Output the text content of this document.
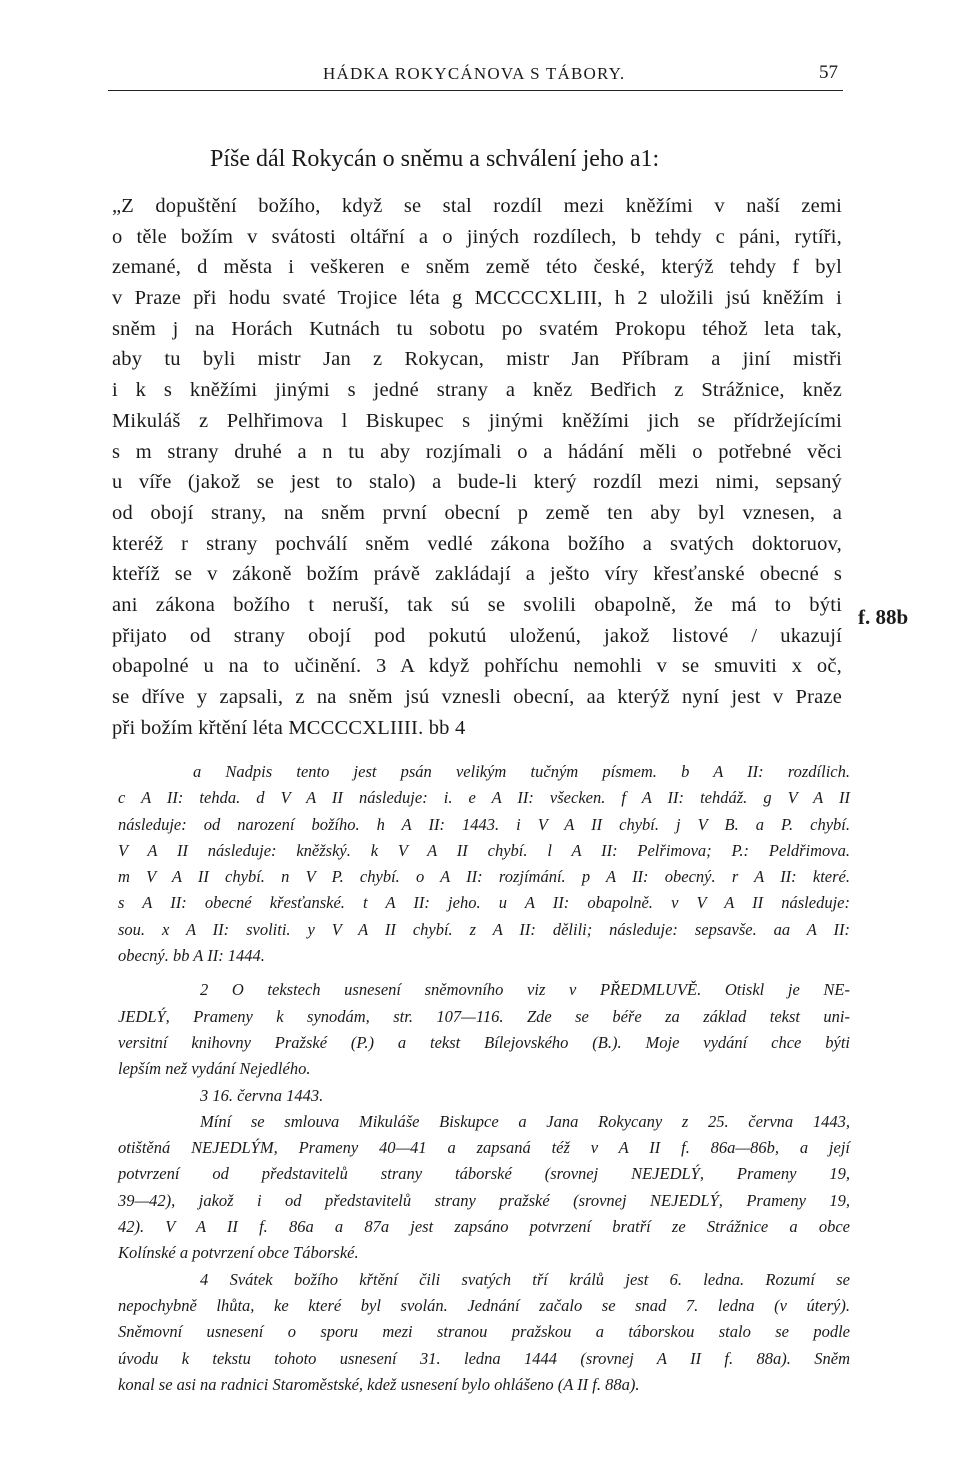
HÁDKA ROKYCÁNOVA S TÁBORY.	57
Píše dál Rokycán o sněmu a schválení jeho a1:
„Z dopuštění božího, když se stal rozdíl mezi kněžími v naší zemi
o těle božím v svátosti oltářní a o jiných rozdílech, b tehdy c páni, rytíři,
zemané, d města i veškeren e sněm země této české, kterýž tehdy f byl
v Praze při hodu svaté Trojice léta g MCCCCXLIII, h 2 uložili jsú kněžím i
sněm j na Horách Kutnách tu sobotu po svatém Prokopu téhož leta tak,
aby tu byli mistr Jan z Rokycan, mistr Jan Příbram a jiní mistři
i k s kněžími jinými s jedné strany a kněz Bedřich z Strážnice, kněz
Mikuláš z Pelhřimova l Biskupec s jinými kněžími jich se přídržejícími
s m strany druhé a n tu aby rozjímali o a hádání měli o potřebné věci
u víře (jakož se jest to stalo) a bude-li který rozdíl mezi nimi, sepsaný
od obojí strany, na sněm první obecní p země ten aby byl vznesen, a
kteréž r strany pochválí sněm vedlé zákona božího a svatých doktoruov,
kteříž se v zákoně božím právě zakládají a ješto víry křesťanské obecné s
ani zákona božího t neruší, tak sú se svolili obapolně, že má to býti
přijato od strany obojí pod pokutú uloženú, jakož listové / ukazují
obapolné u na to učinění. 3 A když pohříchu nemohli v se smuviti x oč,
se dříve y zapsali, z na sněm jsú vznesli obecní, aa kterýž nyní jest v Praze
při božím křtění léta MCCCCXLIIII. bb 4
f. 88b
a Nadpis tento jest psán velikým tučným písmem. b A II: rozdílich.
c A II: tehda. d V A II následuje: i. e A II: všecken. f A II: tehdáž. g V A II
následuje: od narození božího. h A II: 1443. i V A II chybí. j V B. a P. chybí.
V A II následuje: kněžský. k V A II chybí. l A II: Pelřimova; P.: Peldřimova.
m V A II chybí. n V P. chybí. o A II: rozjímání. p A II: obecný. r A II: které.
s A II: obecné křesťanské. t A II: jeho. u A II: obapolně. v V A II následuje:
sou. x A II: svoliti. y V A II chybí. z A II: dělili; následuje: sepsavše. aa A II:
obecný. bb A II: 1444.
2 O tekstech usnesení sněmovního viz v PŘEDMLUVĚ. Otiskl je NE-
JEDLÝ, Prameny k synodám, str. 107—116. Zde se béře za základ tekst uni-
versitní knihovny Pražské (P.) a tekst Bílejovského (B.). Moje vydání chce býti
lepším než vydání Nejedlého.
3 16. června 1443.
Míní se smlouva Mikuláše Biskupce a Jana Rokycany z 25. června 1443,
otištěná NEJEDLÝM, Prameny 40—41 a zapsaná též v A II f. 86a—86b, a její
potvrzení od představitelů strany táborské (srovnej NEJEDLÝ, Prameny 19,
39—42), jakož i od představitelů strany pražské (srovnej NEJEDLÝ, Prameny 19,
42). V A II f. 86a a 87a jest zapsáno potvrzení bratří ze Strážnice a obce
Kolínské a potvrzení obce Táborské.
4 Svátek božího křtění čili svatých tří králů jest 6. ledna. Rozumí se
nepochybně lhůta, ke které byl svolán. Jednání začalo se snad 7. ledna (v úterý).
Sněmovní usnesení o sporu mezi stranou pražskou a táborskou stalo se podle
úvodu k tekstu tohoto usnesení 31. ledna 1444 (srovnej A II f. 88a). Sněm
konal se asi na radnici Staroměstské, kdež usnesení bylo ohlášeno (A II f. 88a).
